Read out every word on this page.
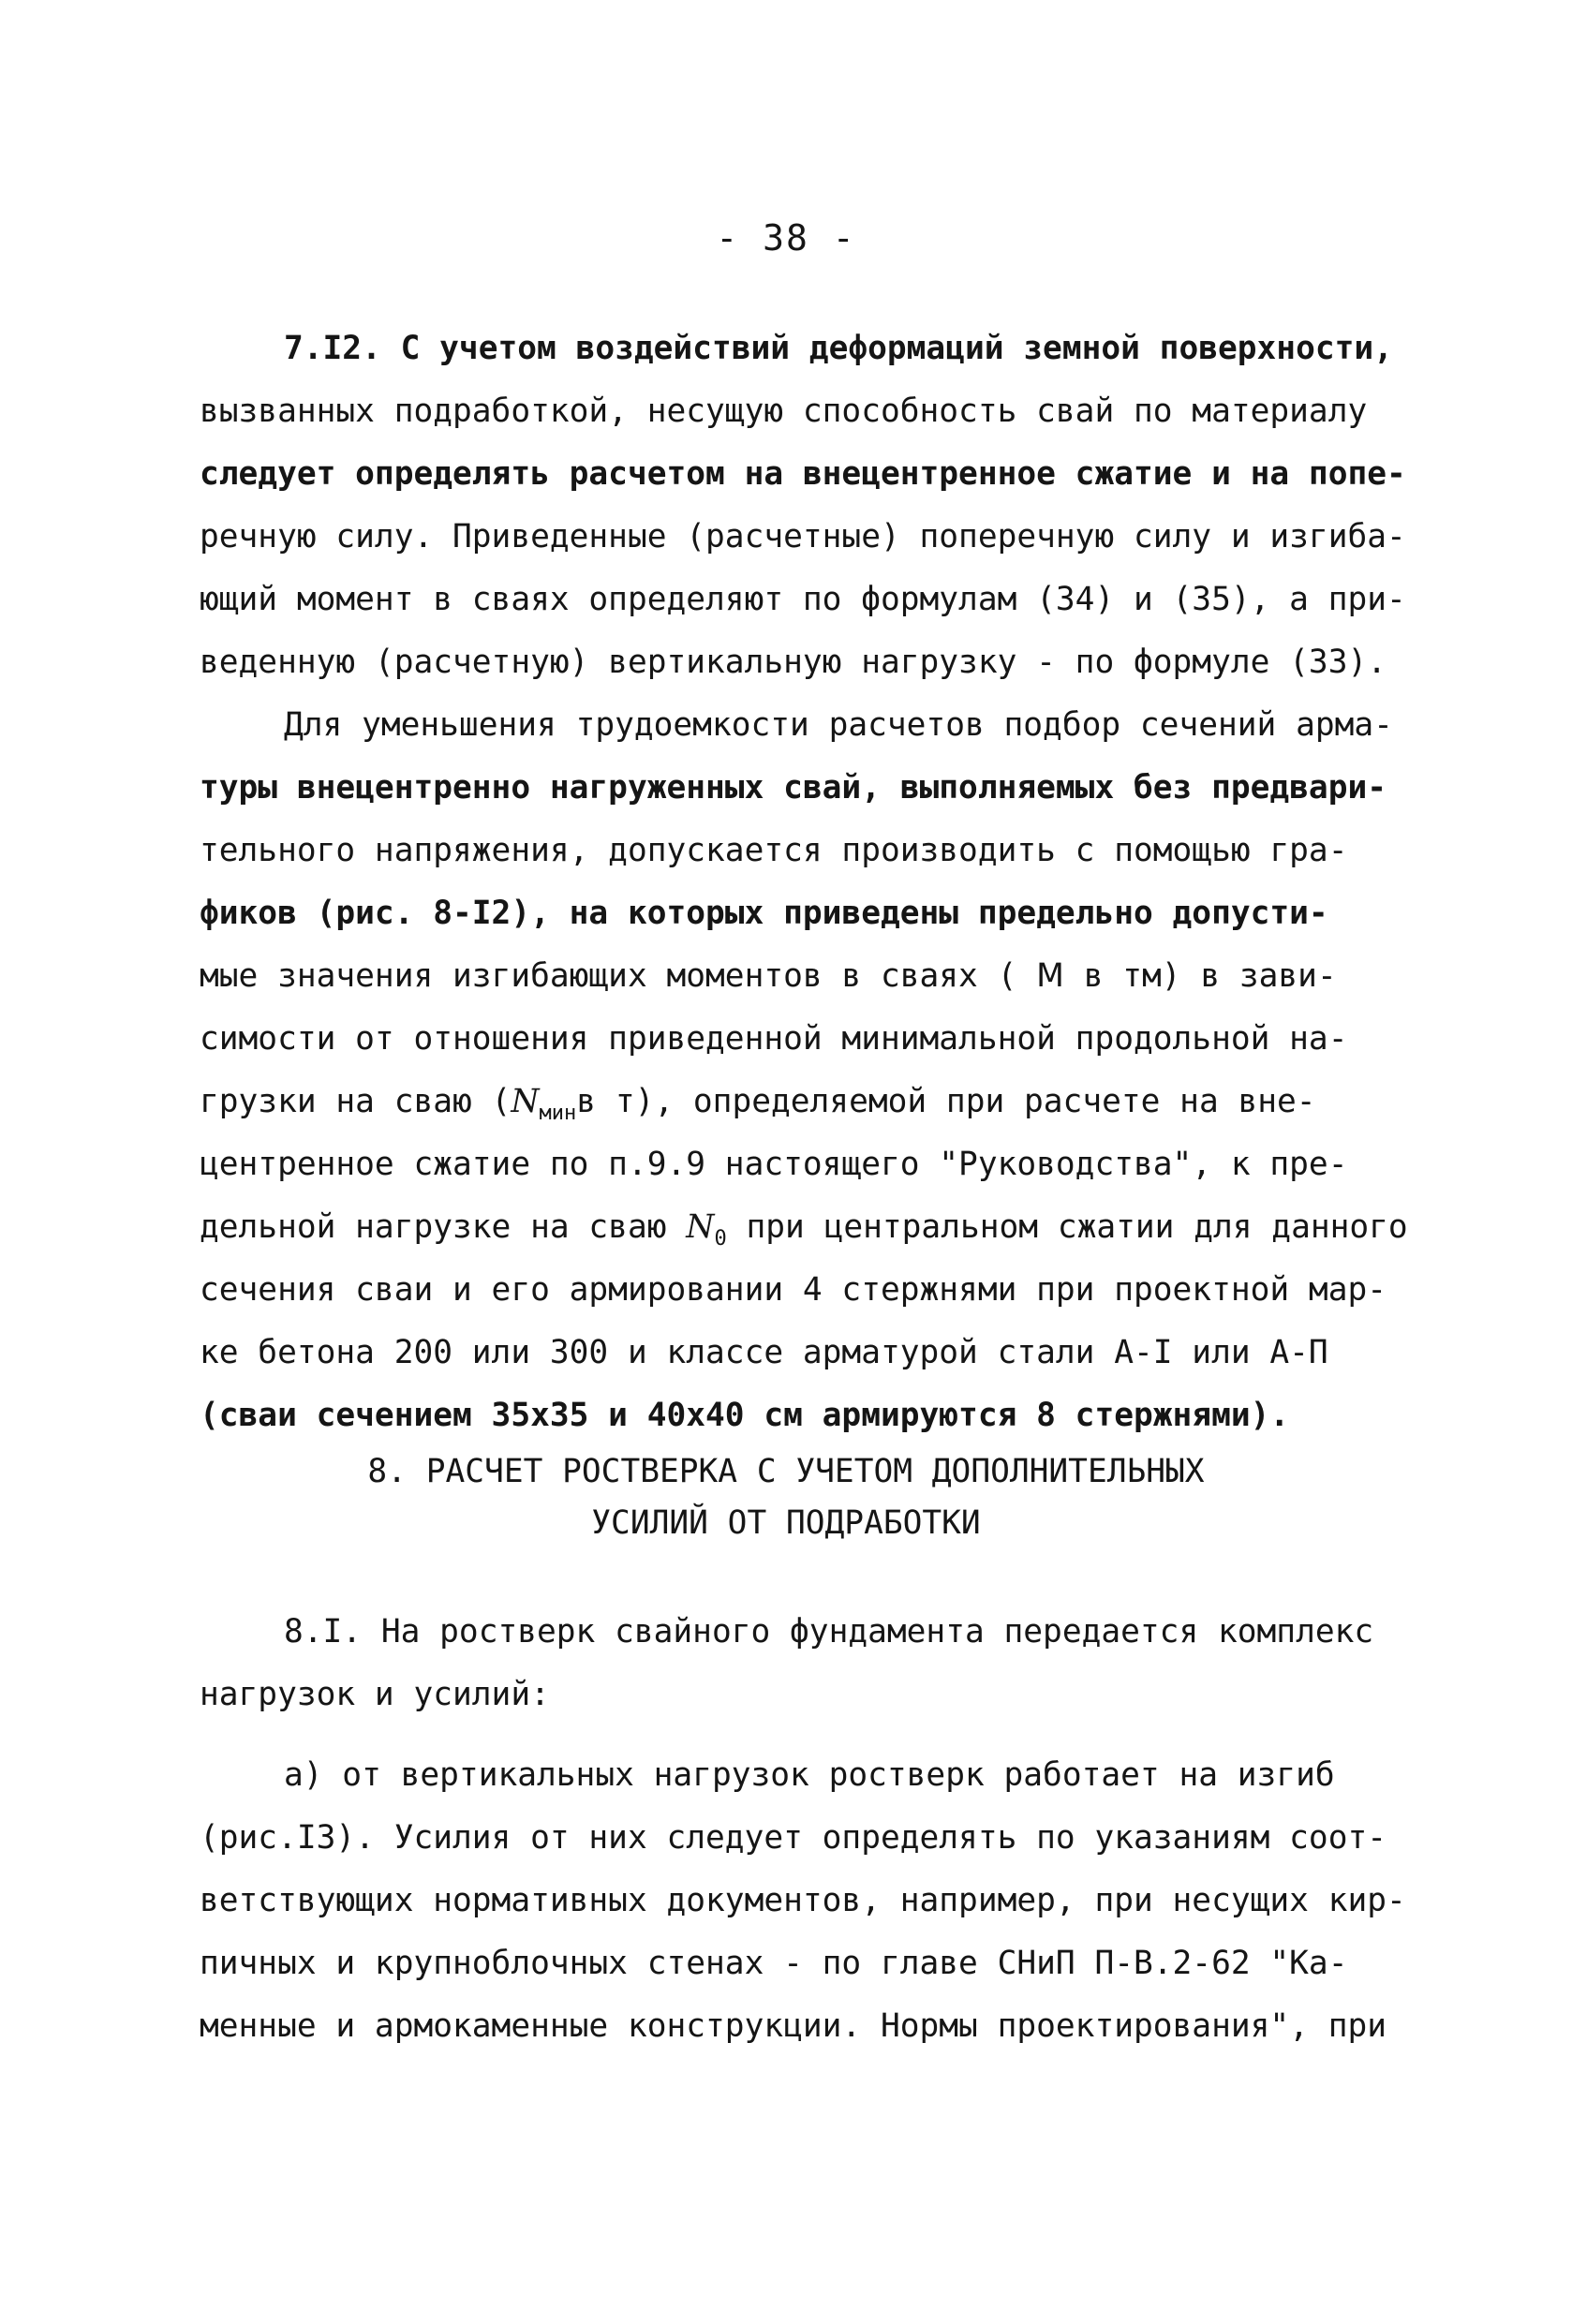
- 38 -
7.I2. С учетом воздействий деформаций земной поверхности,
вызванных подработкой, несущую способность свай по материалу
следует определять расчетом на внецентренное сжатие и на попе-
речную силу. Приведенные (расчетные) поперечную силу и изгиба-
ющий момент в сваях определяют по формулам (34) и (35), а при-
веденную (расчетную) вертикальную нагрузку - по формуле (33).
Для уменьшения трудоемкости расчетов подбор сечений арма-
туры внецентренно нагруженных свай, выполняемых без предвари-
тельного напряжения, допускается производить с помощью гра-
фиков (рис. 8-I2), на которых приведены предельно допусти-
мые значения изгибающих моментов в сваях ( M в тм) в зави-
симости от отношения приведенной минимальной продольной на-
грузки на сваю ($N_{мин}в$ т), определяемой при расчете на вне-
центренное сжатие по п.9.9 настоящего "Руководства", к пре-
дельной нагрузке на сваю $N_0$ при центральном сжатии для данного
сечения сваи и его армировании 4 стержнями при проектной мар-
ке бетона 200 или 300 и классе арматурой стали А-I или А-П
(сваи сечением 35x35 и 40x40 см армируются 8 стержнями).
8. РАСЧЕТ РОСТВЕРКА С УЧЕТОМ ДОПОЛНИТЕЛЬНЫХ
УСИЛИЙ ОТ ПОДРАБОТКИ
8.I. На ростверк свайного фундамента передается комплекс
нагрузок и усилий:
а) от вертикальных нагрузок ростверк работает на изгиб
(рис.I3). Усилия от них следует определять по указаниям соот-
ветствующих нормативных документов, например, при несущих кир-
пичных и крупноблочных стенах - по главе СНиП П-В.2-62 "Ка-
менные и армокаменные конструкции. Нормы проектирования", при
